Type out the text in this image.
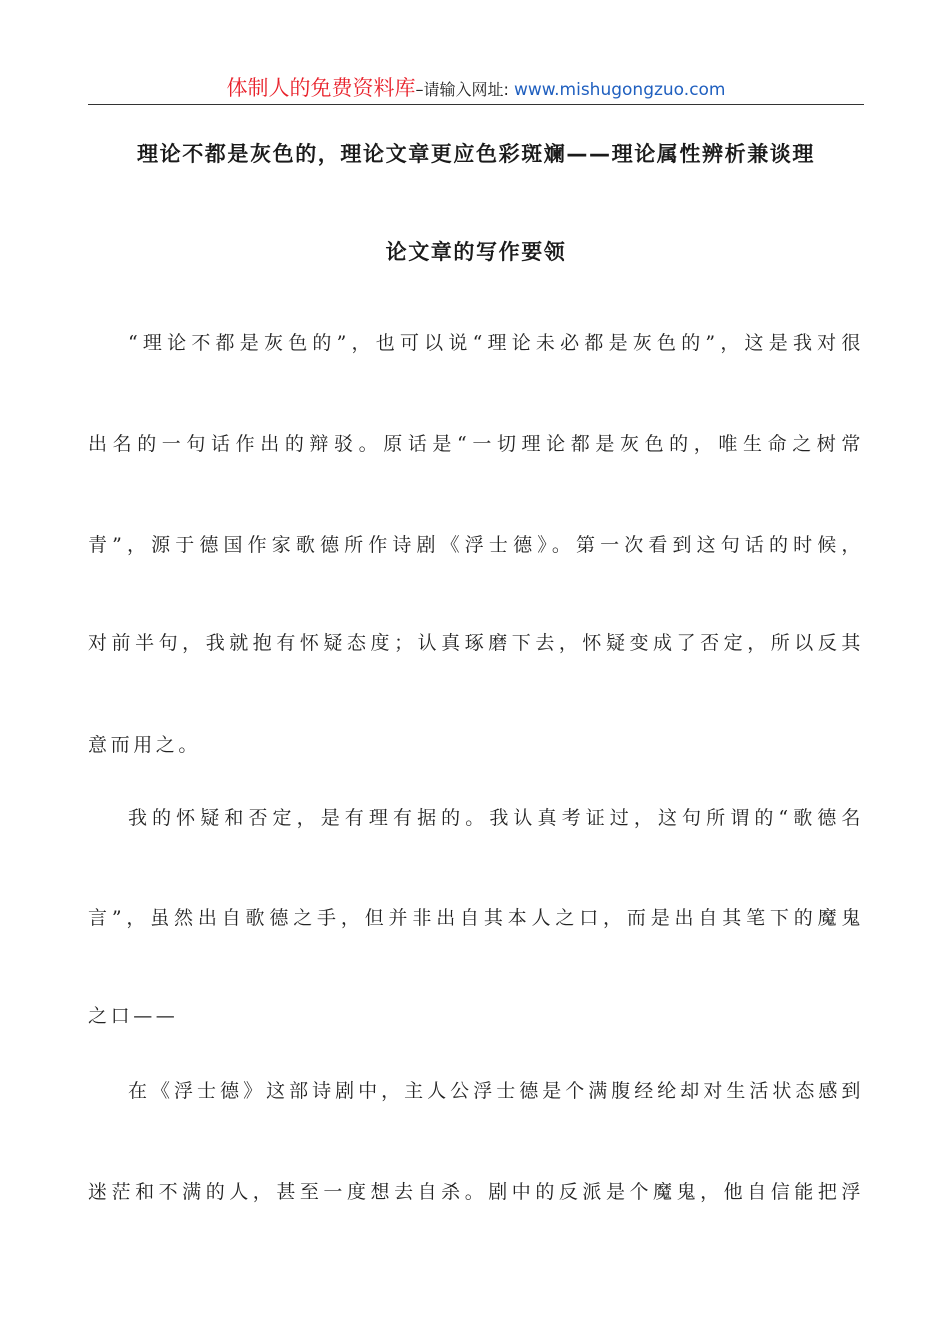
体制人的免费资料库–请输入网址: www.mishugongzuo.com
理论不都是灰色的，理论文章更应色彩斑斓——理论属性辨析兼谈理
论文章的写作要领
“理论不都是灰色的”，也可以说“理论未必都是灰色的”，这是我对很
出名的一句话作出的辩驳。原话是“一切理论都是灰色的，唯生命之树常
青”，源于德国作家歌德所作诗剧《浮士德》。第一次看到这句话的时候，
对前半句，我就抱有怀疑态度；认真琢磨下去，怀疑变成了否定，所以反其
意而用之。
我的怀疑和否定，是有理有据的。我认真考证过，这句所谓的“歌德名
言”，虽然出自歌德之手，但并非出自其本人之口，而是出自其笔下的魔鬼
之口——
在《浮士德》这部诗剧中，主人公浮士德是个满腹经纶却对生活状态感到
迷茫和不满的人，甚至一度想去自杀。剧中的反派是个魔鬼，他自信能把浮
